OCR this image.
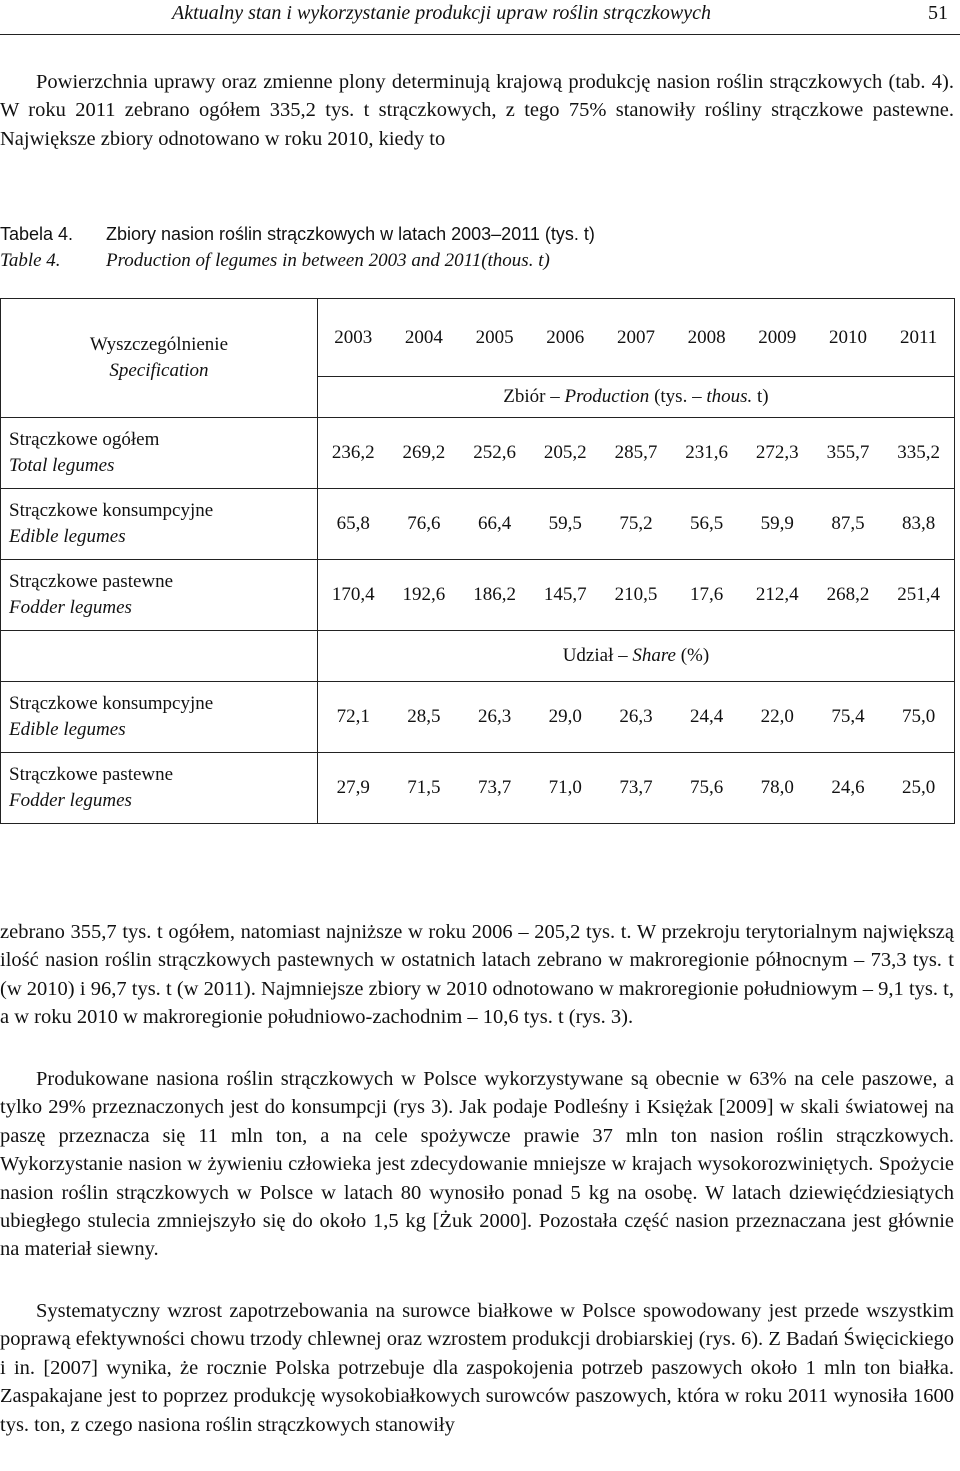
Aktualny stan i wykorzystanie produkcji upraw roślin strączkowych	51

Powierzchnia uprawy oraz zmienne plony determinują krajową produkcję nasion roślin strączkowych (tab. 4). W roku 2011 zebrano ogółem 335,2 tys. t strączkowych, z tego 75% stanowiły rośliny strączkowe pastewne. Największe zbiory odnotowano w roku 2010, kiedy to

Tabela 4. Zbiory nasion roślin strączkowych w latach 2003–2011 (tys. t)
Table 4. Production of legumes in between 2003 and 2011(thous. t)
Wyszczególnienie
Specification	2003	2004	2005	2006	2007	2008	2009	2010	2011
	Zbiór – Production (tys. – thous. t)								

Strączkowe ogółem
Total legumes	236,2	269,2	252,6	205,2	285,7	231,6	272,3	355,7	335,2

Strączkowe konsumpcyjne
Edible legumes	65,8	76,6	66,4	59,5	75,2	56,5	59,9	87,5	83,8

Strączkowe pastewne
Fodder legumes	170,4	192,6	186,2	145,7	210,5	17,6	212,4	268,2	251,4
	Udział – Share (%)								

Strączkowe konsumpcyjne
Edible legumes	72,1	28,5	26,3	29,0	26,3	24,4	22,0	75,4	75,0

Strączkowe pastewne
Fodder legumes	27,9	71,5	73,7	71,0	73,7	75,6	78,0	24,6	25,0

zebrano 355,7 tys. t ogółem, natomiast najniższe w roku 2006 – 205,2 tys. t. W przekroju terytorialnym największą ilość nasion roślin strączkowych pastewnych w ostatnich latach zebrano w makroregionie północnym – 73,3 tys. t (w 2010) i 96,7 tys. t (w 2011). Najmniejsze zbiory w 2010 odnotowano w makroregionie południowym – 9,1 tys. t, a w roku 2010 w makroregionie południowo-zachodnim – 10,6 tys. t (rys. 3).

Produkowane nasiona roślin strączkowych w Polsce wykorzystywane są obecnie w 63% na cele paszowe, a tylko 29% przeznaczonych jest do konsumpcji (rys 3). Jak podaje Podleśny i Księżak [2009] w skali światowej na paszę przeznacza się 11 mln ton, a na cele spożywcze prawie 37 mln ton nasion roślin strączkowych. Wykorzystanie nasion w żywieniu człowieka jest zdecydowanie mniejsze w krajach wysokorozwiniętych. Spożycie nasion roślin strączkowych w Polsce w latach 80 wynosiło ponad 5 kg na osobę. W latach dziewięćdziesiątych ubiegłego stulecia zmniejszyło się do około 1,5 kg [Żuk 2000]. Pozostała część nasion przeznaczana jest głównie na materiał siewny.

Systematyczny wzrost zapotrzebowania na surowce białkowe w Polsce spowodowany jest przede wszystkim poprawą efektywności chowu trzody chlewnej oraz wzrostem produkcji drobiarskiej (rys. 6). Z Badań Święcickiego i in. [2007] wynika, że rocznie Polska potrzebuje dla zaspokojenia potrzeb paszowych około 1 mln ton białka. Zaspakajane jest to poprzez produkcję wysokobiałkowych surowców paszowych, która w roku 2011 wynosiła 1600 tys. ton, z czego nasiona roślin strączkowych stanowiły
